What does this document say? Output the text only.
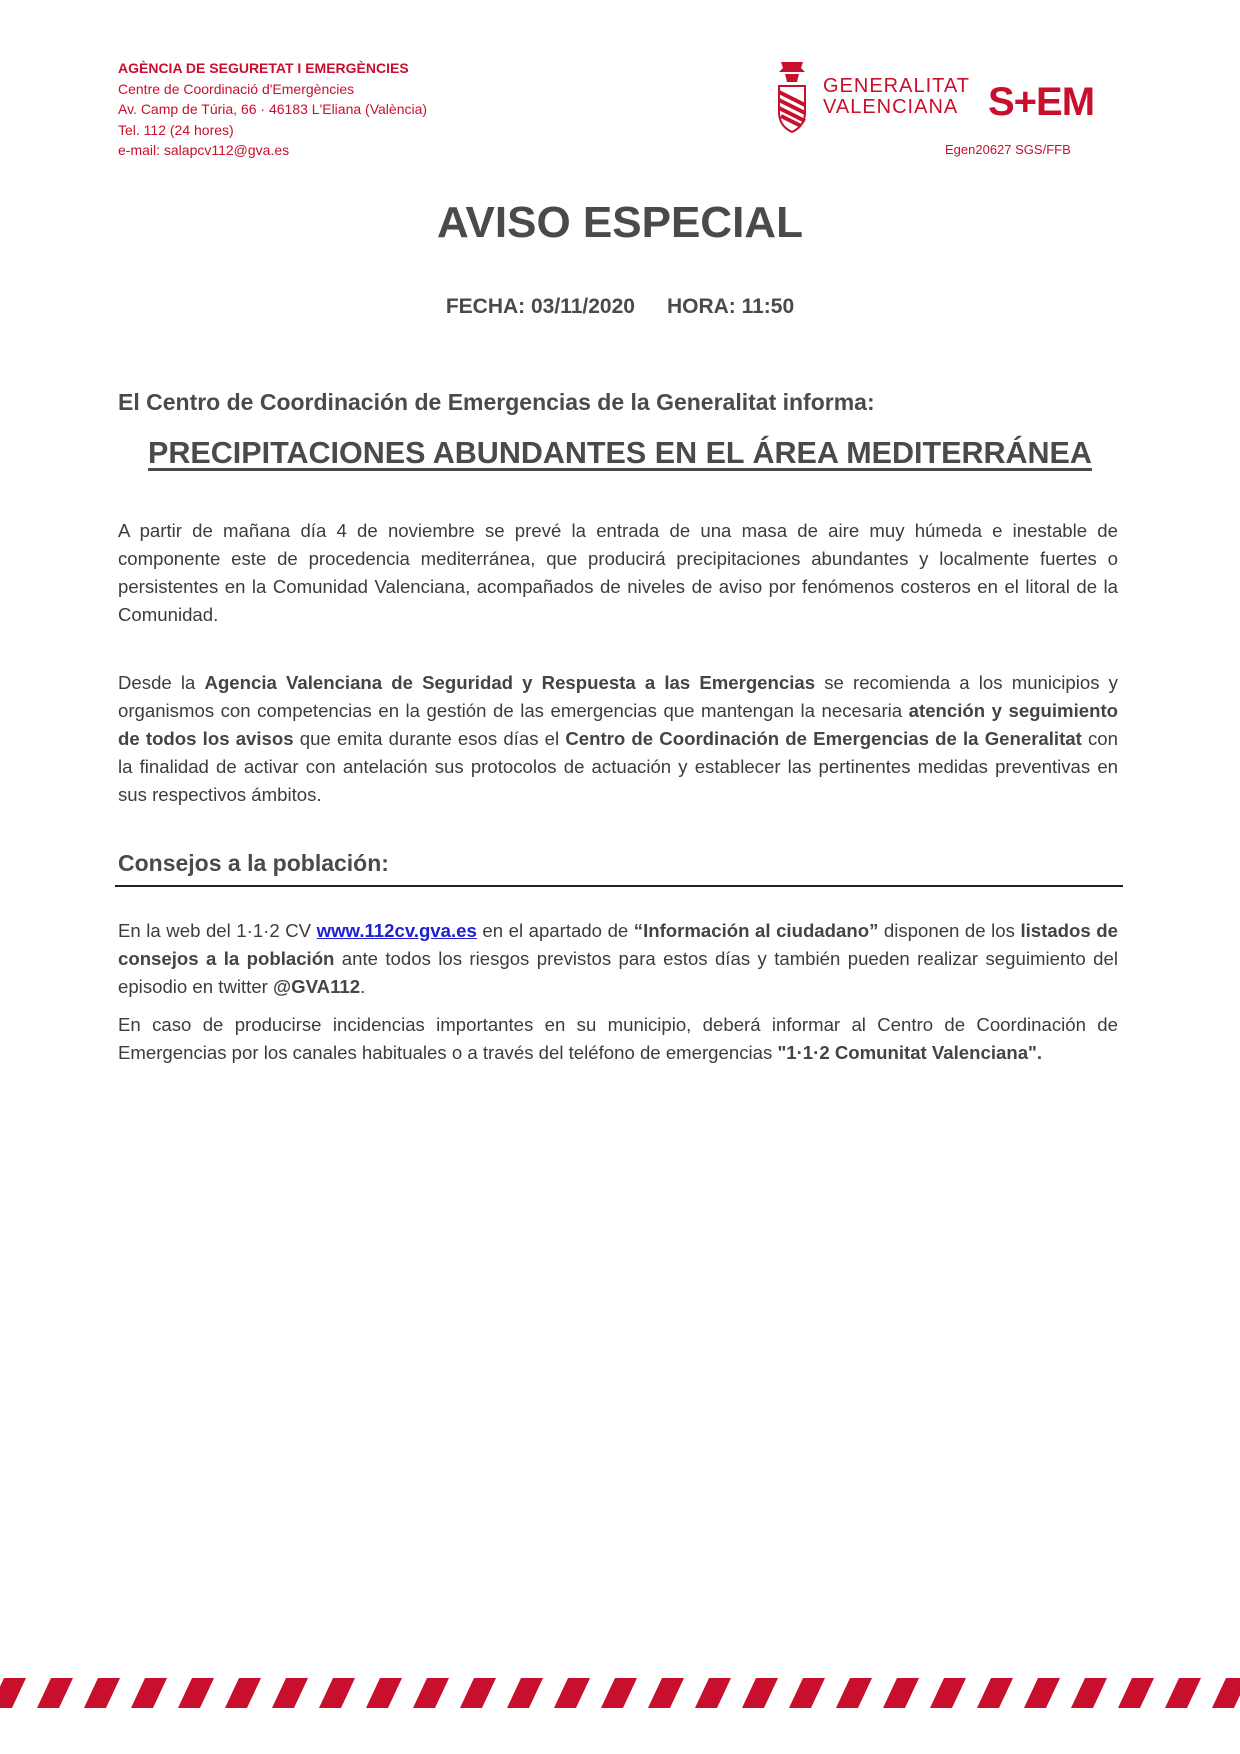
AGÈNCIA DE SEGURETAT I EMERGÈNCIES
Centre de Coordinació d'Emergències
Av. Camp de Túria, 66 · 46183 L'Eliana (València)
Tel. 112 (24 hores)
e-mail: salapcv112@gva.es
GENERALITAT
VALENCIANA S+EM
Egen20627 SGS/FFB
AVISO ESPECIAL
FECHA: 03/11/2020 HORA: 11:50
El Centro de Coordinación de Emergencias de la Generalitat informa:
PRECIPITACIONES ABUNDANTES EN EL ÁREA MEDITERRÁNEA
A partir de mañana día 4 de noviembre se prevé la entrada de una masa de aire muy húmeda e inestable de componente este de procedencia mediterránea, que producirá precipitaciones abundantes y localmente fuertes o persistentes en la Comunidad Valenciana, acompañados de niveles de aviso por fenómenos costeros en el litoral de la Comunidad.
Desde la Agencia Valenciana de Seguridad y Respuesta a las Emergencias se recomienda a los municipios y organismos con competencias en la gestión de las emergencias que mantengan la necesaria atención y seguimiento de todos los avisos que emita durante esos días el Centro de Coordinación de Emergencias de la Generalitat con la finalidad de activar con antelación sus protocolos de actuación y establecer las pertinentes medidas preventivas en sus respectivos ámbitos.
Consejos a la población:
En la web del 1·1·2 CV www.112cv.gva.es en el apartado de “Información al ciudadano” disponen de los listados de consejos a la población ante todos los riesgos previstos para estos días y también pueden realizar seguimiento del episodio en twitter @GVA112.
En caso de producirse incidencias importantes en su municipio, deberá informar al Centro de Coordinación de Emergencias por los canales habituales o a través del teléfono de emergencias "1·1·2 Comunitat Valenciana".
